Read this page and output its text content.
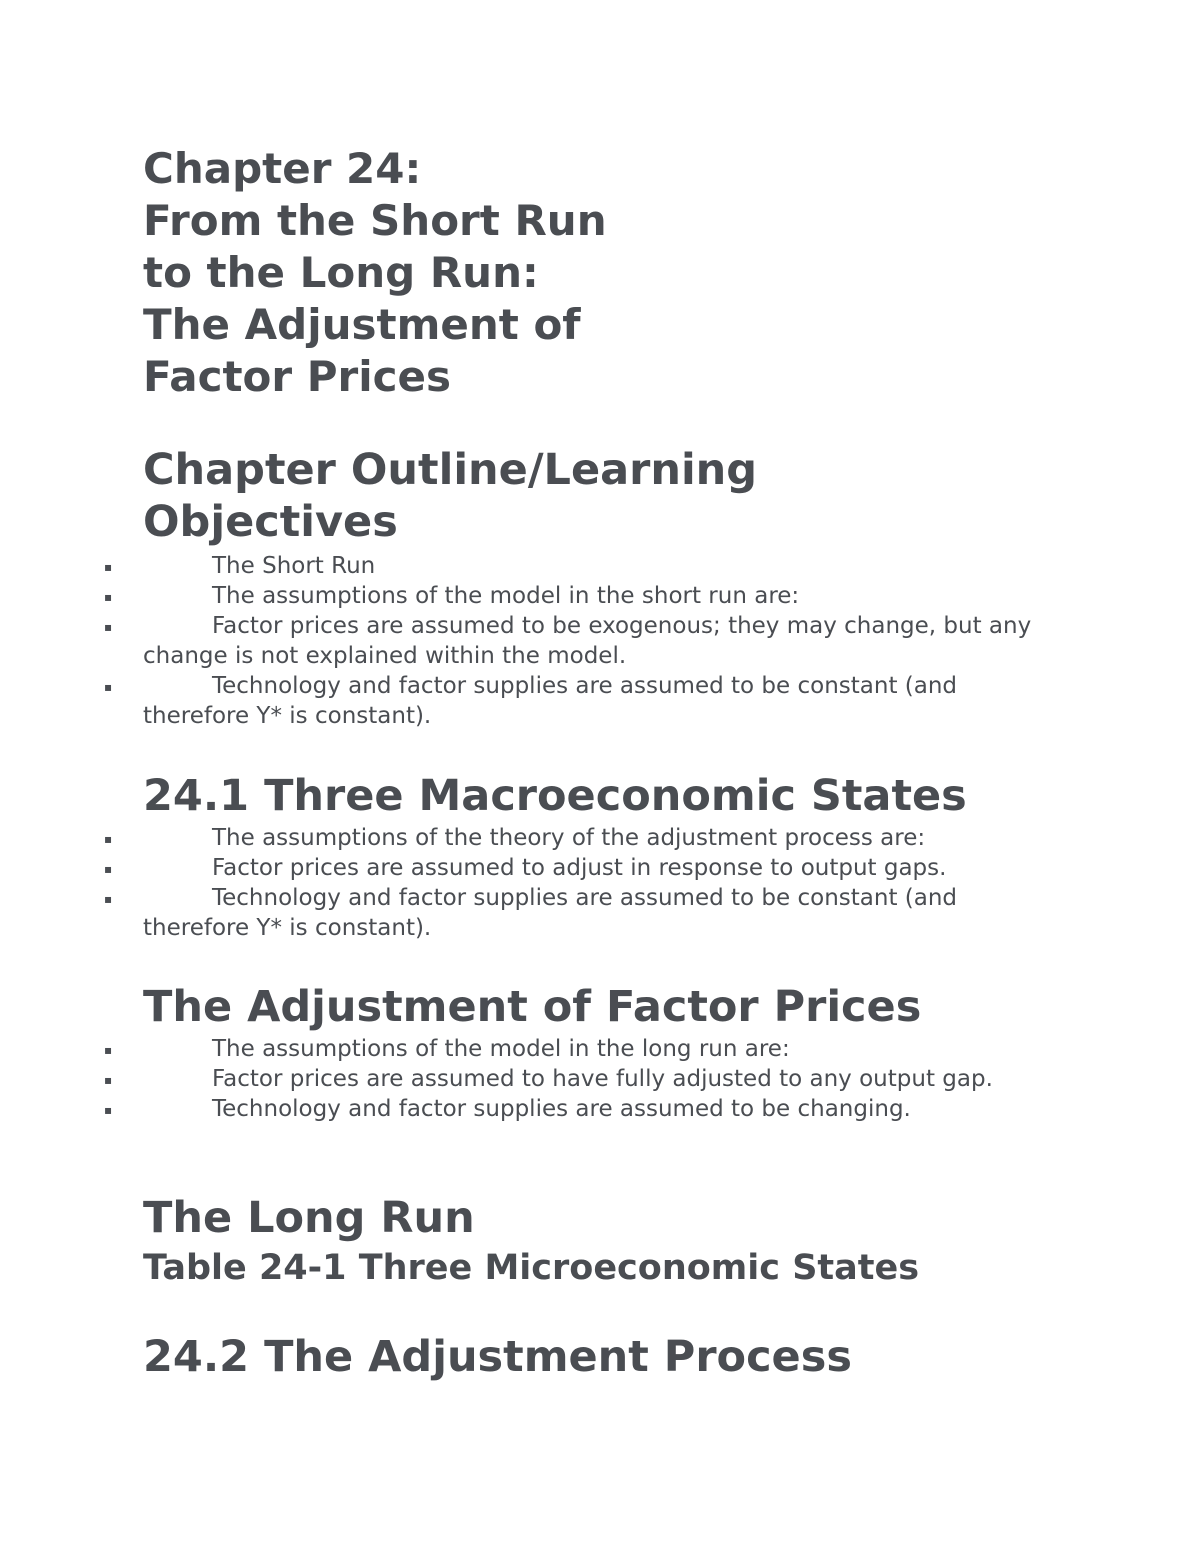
Chapter 24:
From the Short Run
to the Long Run:
The Adjustment of
Factor Prices
Chapter Outline/Learning
Objectives
▪	The Short Run
▪	The assumptions of the model in the short run are:
▪	Factor prices are assumed to be exogenous; they may change, but any change is not explained within the model.
▪	Technology and factor supplies are assumed to be constant (and therefore Y* is constant).
24.1 Three Macroeconomic States
▪	The assumptions of the theory of the adjustment process are:
▪	Factor prices are assumed to adjust in response to output gaps.
▪	Technology and factor supplies are assumed to be constant (and therefore Y* is constant).
The Adjustment of Factor Prices
▪	The assumptions of the model in the long run are:
▪	Factor prices are assumed to have fully adjusted to any output gap.
▪	Technology and factor supplies are assumed to be changing.
The Long Run
Table 24-1 Three Microeconomic States
24.2 The Adjustment Process
